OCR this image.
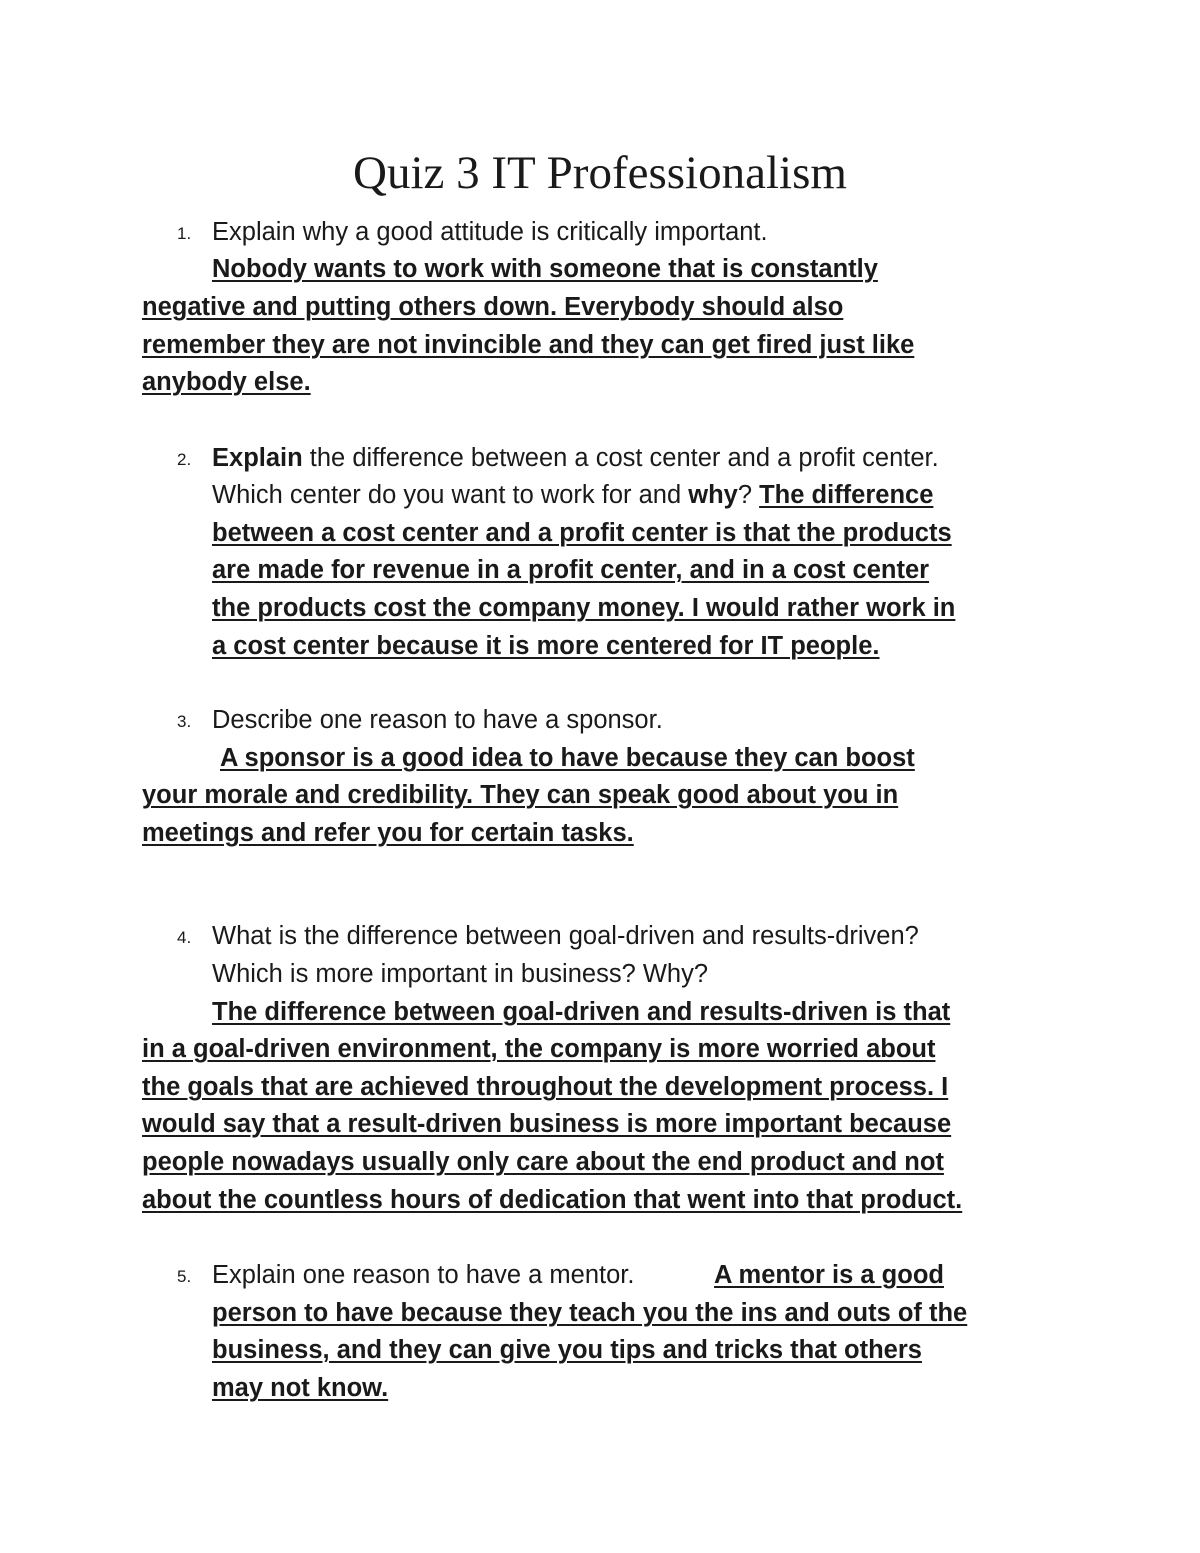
Quiz 3 IT Professionalism
1. Explain why a good attitude is critically important.
Nobody wants to work with someone that is constantly
negative and putting others down. Everybody should also
remember they are not invincible and they can get fired just like
anybody else.
2. Explain the difference between a cost center and a profit center.
Which center do you want to work for and why? The difference
between a cost center and a profit center is that the products
are made for revenue in a profit center, and in a cost center
the products cost the company money. I would rather work in
a cost center because it is more centered for IT people.
3. Describe one reason to have a sponsor.
A sponsor is a good idea to have because they can boost
your morale and credibility. They can speak good about you in
meetings and refer you for certain tasks.
4. What is the difference between goal-driven and results-driven?
Which is more important in business? Why?
The difference between goal-driven and results-driven is that
in a goal-driven environment, the company is more worried about
the goals that are achieved throughout the development process. I
would say that a result-driven business is more important because
people nowadays usually only care about the end product and not
about the countless hours of dedication that went into that product.
5. Explain one reason to have a mentor.	A mentor is a good
person to have because they teach you the ins and outs of the
business, and they can give you tips and tricks that others
may not know.
